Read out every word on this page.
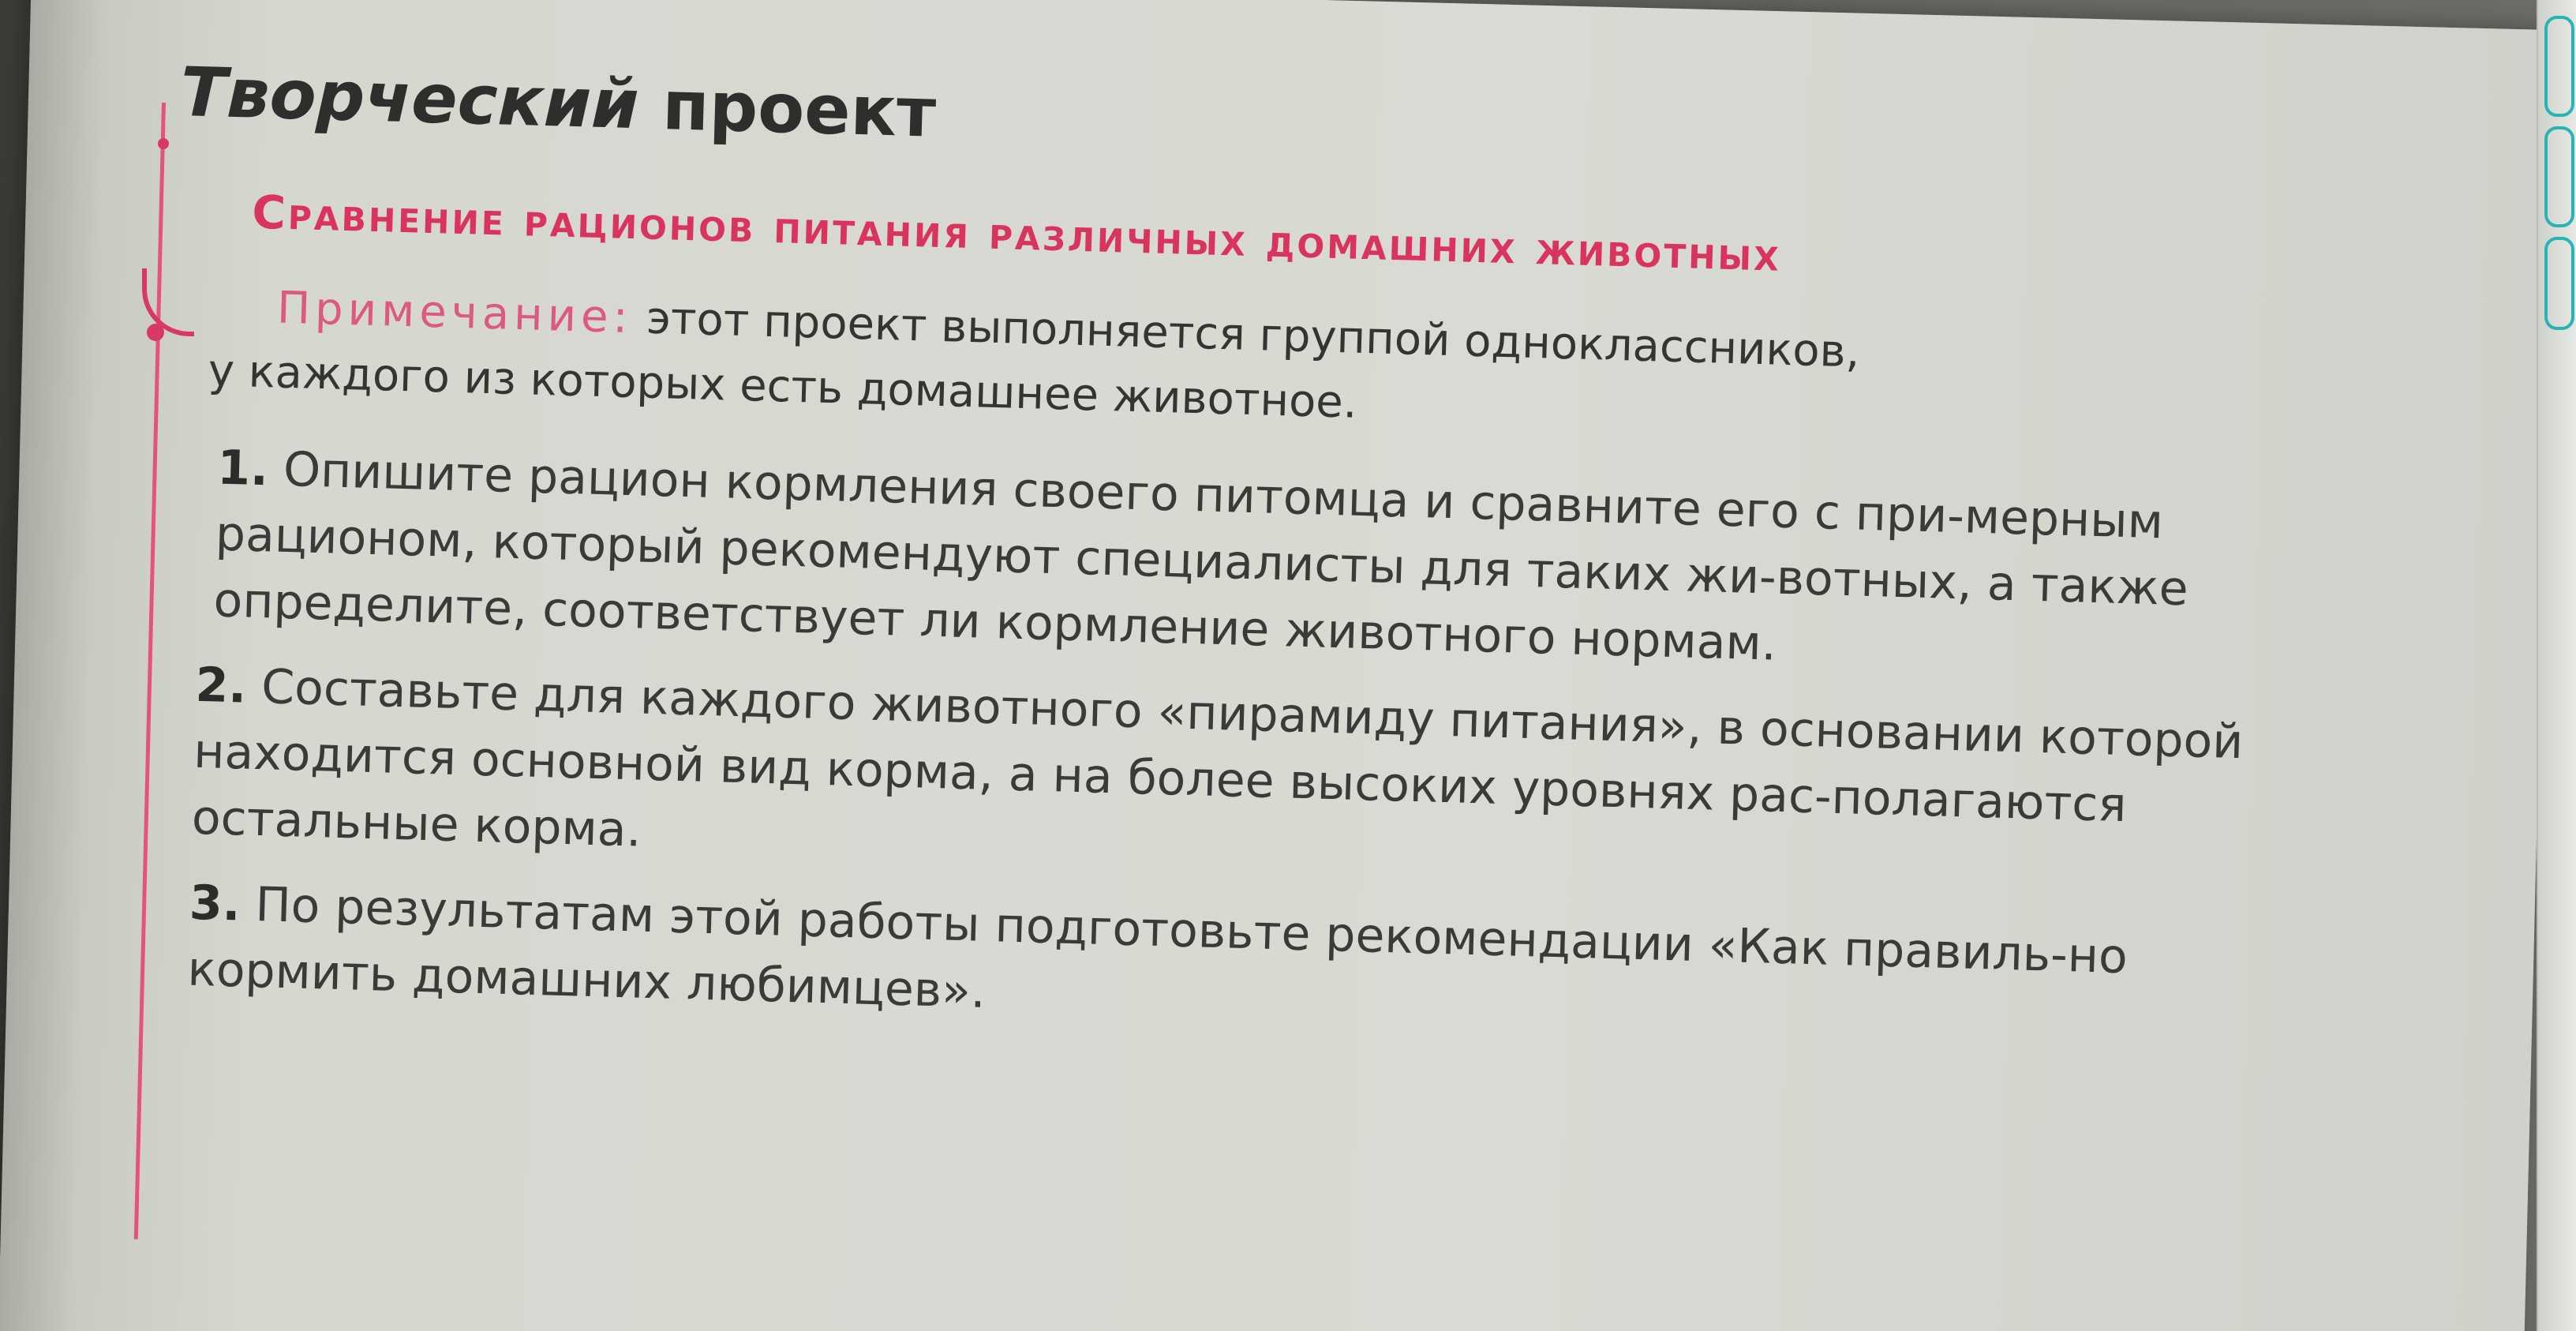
Творческий проект
Сравнение рационов питания различных домашних животных
Примечание: этот проект выполняется группой одноклассников,
у каждого из которых есть домашнее животное.
1. Опишите рацион кормления своего питомца и сравните его с при-мерным рационом, который рекомендуют специалисты для таких жи-вотных, а также определите, соответствует ли кормление животного нормам.
2. Составьте для каждого животного «пирамиду питания», в основании которой находится основной вид корма, а на более высоких уровнях рас-полагаются остальные корма.
3. По результатам этой работы подготовьте рекомендации «Как правиль-но кормить домашних любимцев».
